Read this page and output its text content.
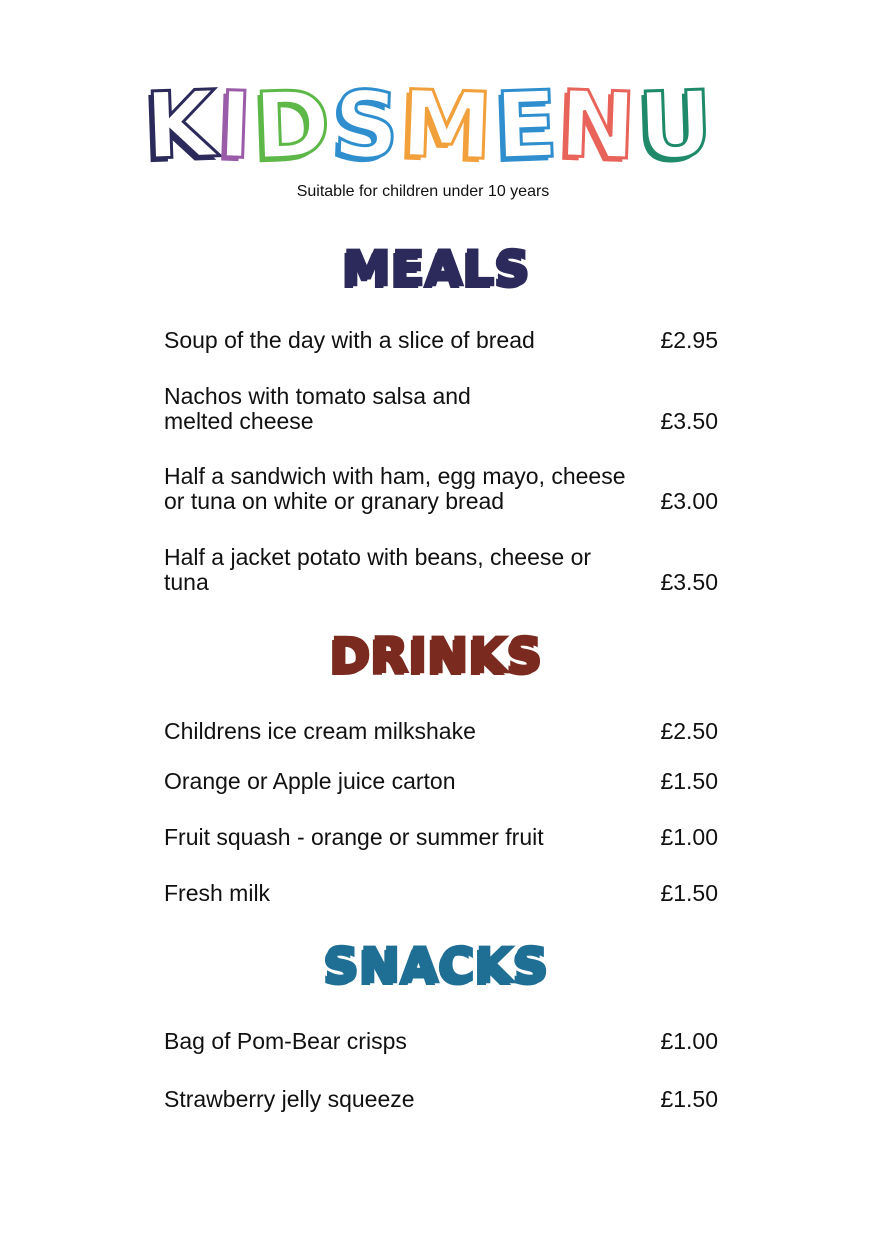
K
I
D
S
M
E
N
U
Suitable for children under 10 years
MEALS
Soup of the day with a slice of bread	£2.95
Nachos with tomato salsa and melted cheese	£3.50
Half a sandwich with ham, egg mayo, cheese or tuna on white or granary bread	£3.00
Half a jacket potato with beans, cheese or tuna	£3.50
DRINKS
Childrens ice cream milkshake	£2.50
Orange or Apple juice carton	£1.50
Fruit squash - orange or summer fruit	£1.00
Fresh milk	£1.50
SNACKS
Bag of Pom-Bear crisps	£1.00
Strawberry jelly squeeze	£1.50
